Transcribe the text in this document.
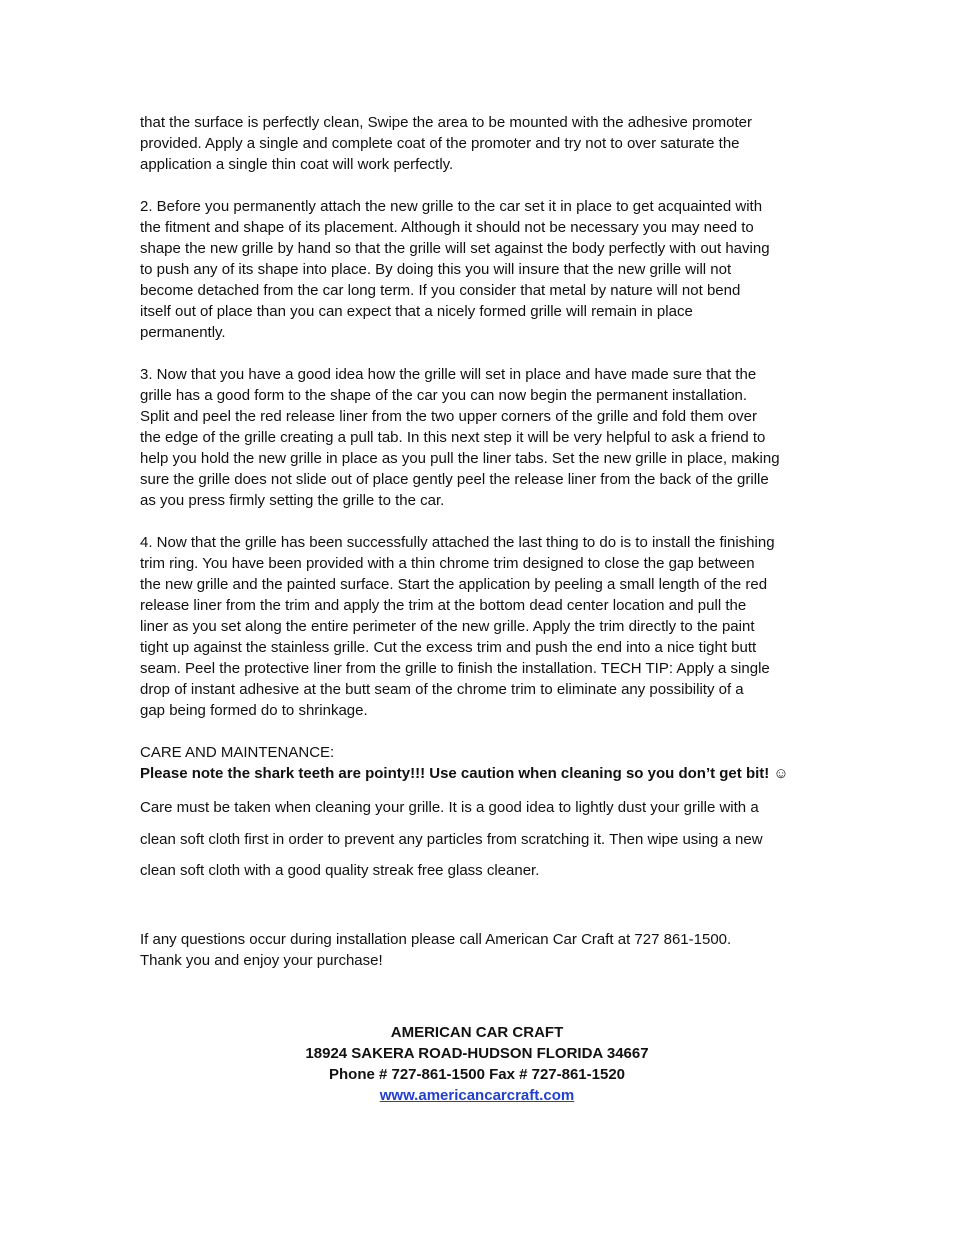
that the surface is perfectly clean, Swipe the area to be mounted with the adhesive promoter
provided. Apply a single and complete coat of the promoter and try not to over saturate the
application a single thin coat will work perfectly.

2. Before you permanently attach the new grille to the car set it in place to get acquainted with
the fitment and shape of its placement. Although it should not be necessary you may need to
shape the new grille by hand so that the grille will set against the body perfectly with out having
to push any of its shape into place. By doing this you will insure that the new grille will not
become detached from the car long term. If you consider that metal by nature will not bend
itself out of place than you can expect that a nicely formed grille will remain in place
permanently.

3. Now that you have a good idea how the grille will set in place and have made sure that the
grille has a good form to the shape of the car you can now begin the permanent installation.
Split and peel the red release liner from the two upper corners of the grille and fold them over
the edge of the grille creating a pull tab. In this next step it will be very helpful to ask a friend to
help you hold the new grille in place as you pull the liner tabs. Set the new grille in place, making
sure the grille does not slide out of place gently peel the release liner from the back of the grille
as you press firmly setting the grille to the car.

4. Now that the grille has been successfully attached the last thing to do is to install the finishing
trim ring. You have been provided with a thin chrome trim designed to close the gap between
the new grille and the painted surface. Start the application by peeling a small length of the red
release liner from the trim and apply the trim at the bottom dead center location and pull the
liner as you set along the entire perimeter of the new grille. Apply the trim directly to the paint
tight up against the stainless grille. Cut the excess trim and push the end into a nice tight butt
seam. Peel the protective liner from the grille to finish the installation. TECH TIP: Apply a single
drop of instant adhesive at the butt seam of the chrome trim to eliminate any possibility of a
gap being formed do to shrinkage.

CARE AND MAINTENANCE:

Please note the shark teeth are pointy!!! Use caution when cleaning so you don’t get bit! ☺

Care must be taken when cleaning your grille. It is a good idea to lightly dust your grille with a
clean soft cloth first in order to prevent any particles from scratching it. Then wipe using a new
clean soft cloth with a good quality streak free glass cleaner.

If any questions occur during installation please call American Car Craft at 727 861-1500.
Thank you and enjoy your purchase!

AMERICAN CAR CRAFT
18924 SAKERA ROAD-HUDSON FLORIDA 34667
Phone # 727-861-1500 Fax # 727-861-1520
www.americancarcraft.com
